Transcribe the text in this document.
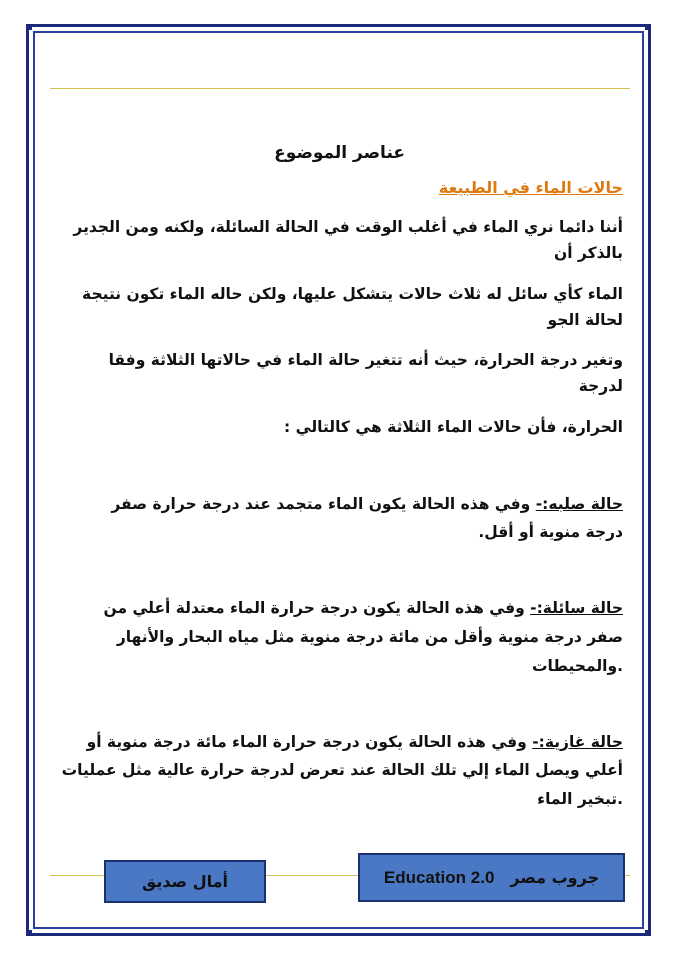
عناصر الموضوع
حالات الماء في الطبيعة
أننا دائما نري الماء في أغلب الوقت في الحالة السائلة، ولكنه ومن الجدير
بالذكر أن
الماء كأي سائل له ثلاث حالات يتشكل عليها، ولكن حاله الماء تكون نتيجة
لحالة الجو
وتغير درجة الحرارة، حيث أنه تتغير حالة الماء في حالاتها الثلاثة وفقا
لدرجة
الحرارة، فأن حالات الماء الثلاثة هي كالتالي :
حالة صلبه:- وفي هذه الحالة يكون الماء متجمد عند درجة حرارة صفر
درجة منوية أو أقل.
حالة سائلة:- وفي هذه الحالة يكون درجة حرارة الماء معتدلة أعلي من
صفر درجة منوية وأقل من مائة درجة منوية مثل مياه البحار والأنهار
.والمحيطات
حالة غازية:- وفي هذه الحالة يكون درجة حرارة الماء مائة درجة منوية أو
أعلي ويصل الماء إلي تلك الحالة عند تعرض لدرجة حرارة عالية مثل عمليات
.تبخير الماء
أمال صديق	Education 2.0 جروب مصر
